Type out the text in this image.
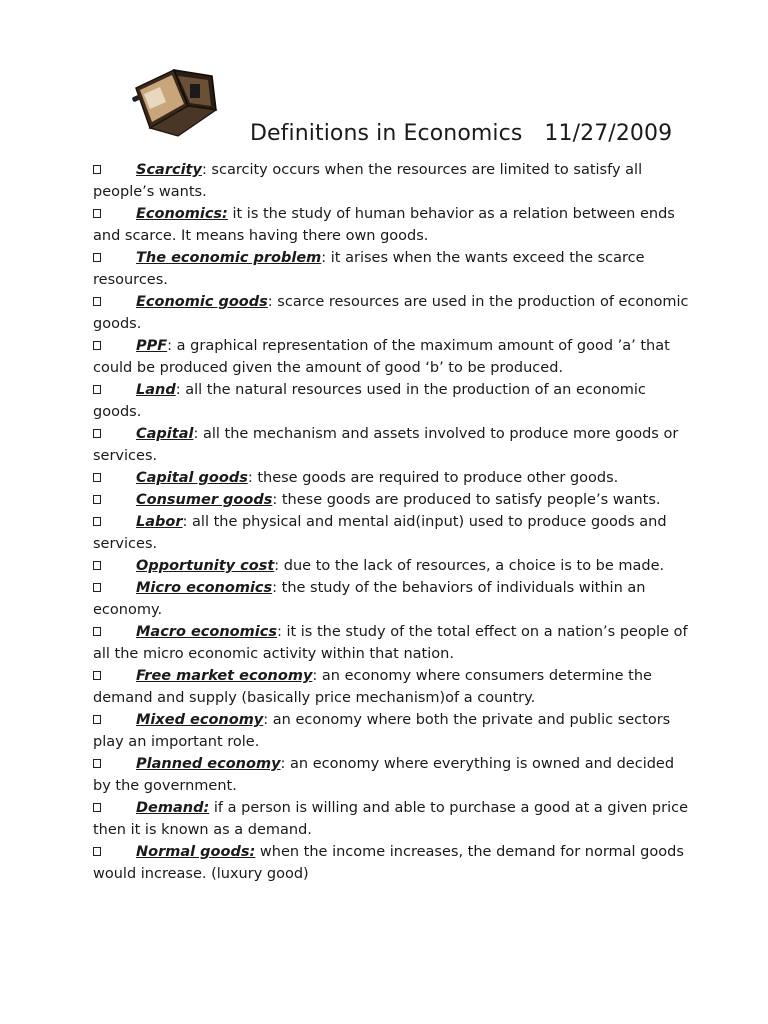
Definitions in Economics 11/27/2009
Scarcity: scarcity occurs when the resources are limited to satisfy all people’s wants.
Economics: it is the study of human behavior as a relation between ends and scarce. It means having there own goods.
The economic problem: it arises when the wants exceed the scarce resources.
Economic goods: scarce resources are used in the production of economic goods.
PPF: a graphical representation of the maximum amount of good ’a’ that could be produced given the amount of good ‘b’ to be produced.
Land: all the natural resources used in the production of an economic goods.
Capital: all the mechanism and assets involved to produce more goods or services.
Capital goods: these goods are required to produce other goods.
Consumer goods: these goods are produced to satisfy people’s wants.
Labor: all the physical and mental aid(input) used to produce goods and services.
Opportunity cost: due to the lack of resources, a choice is to be made.
Micro economics: the study of the behaviors of individuals within an economy.
Macro economics: it is the study of the total effect on a nation’s people of all the micro economic activity within that nation.
Free market economy: an economy where consumers determine the demand and supply (basically price mechanism)of a country.
Mixed economy: an economy where both the private and public sectors play an important role.
Planned economy: an economy where everything is owned and decided by the government.
Demand: if a person is willing and able to purchase a good at a given price then it is known as a demand.
Normal goods: when the income increases, the demand for normal goods would increase. (luxury good)
